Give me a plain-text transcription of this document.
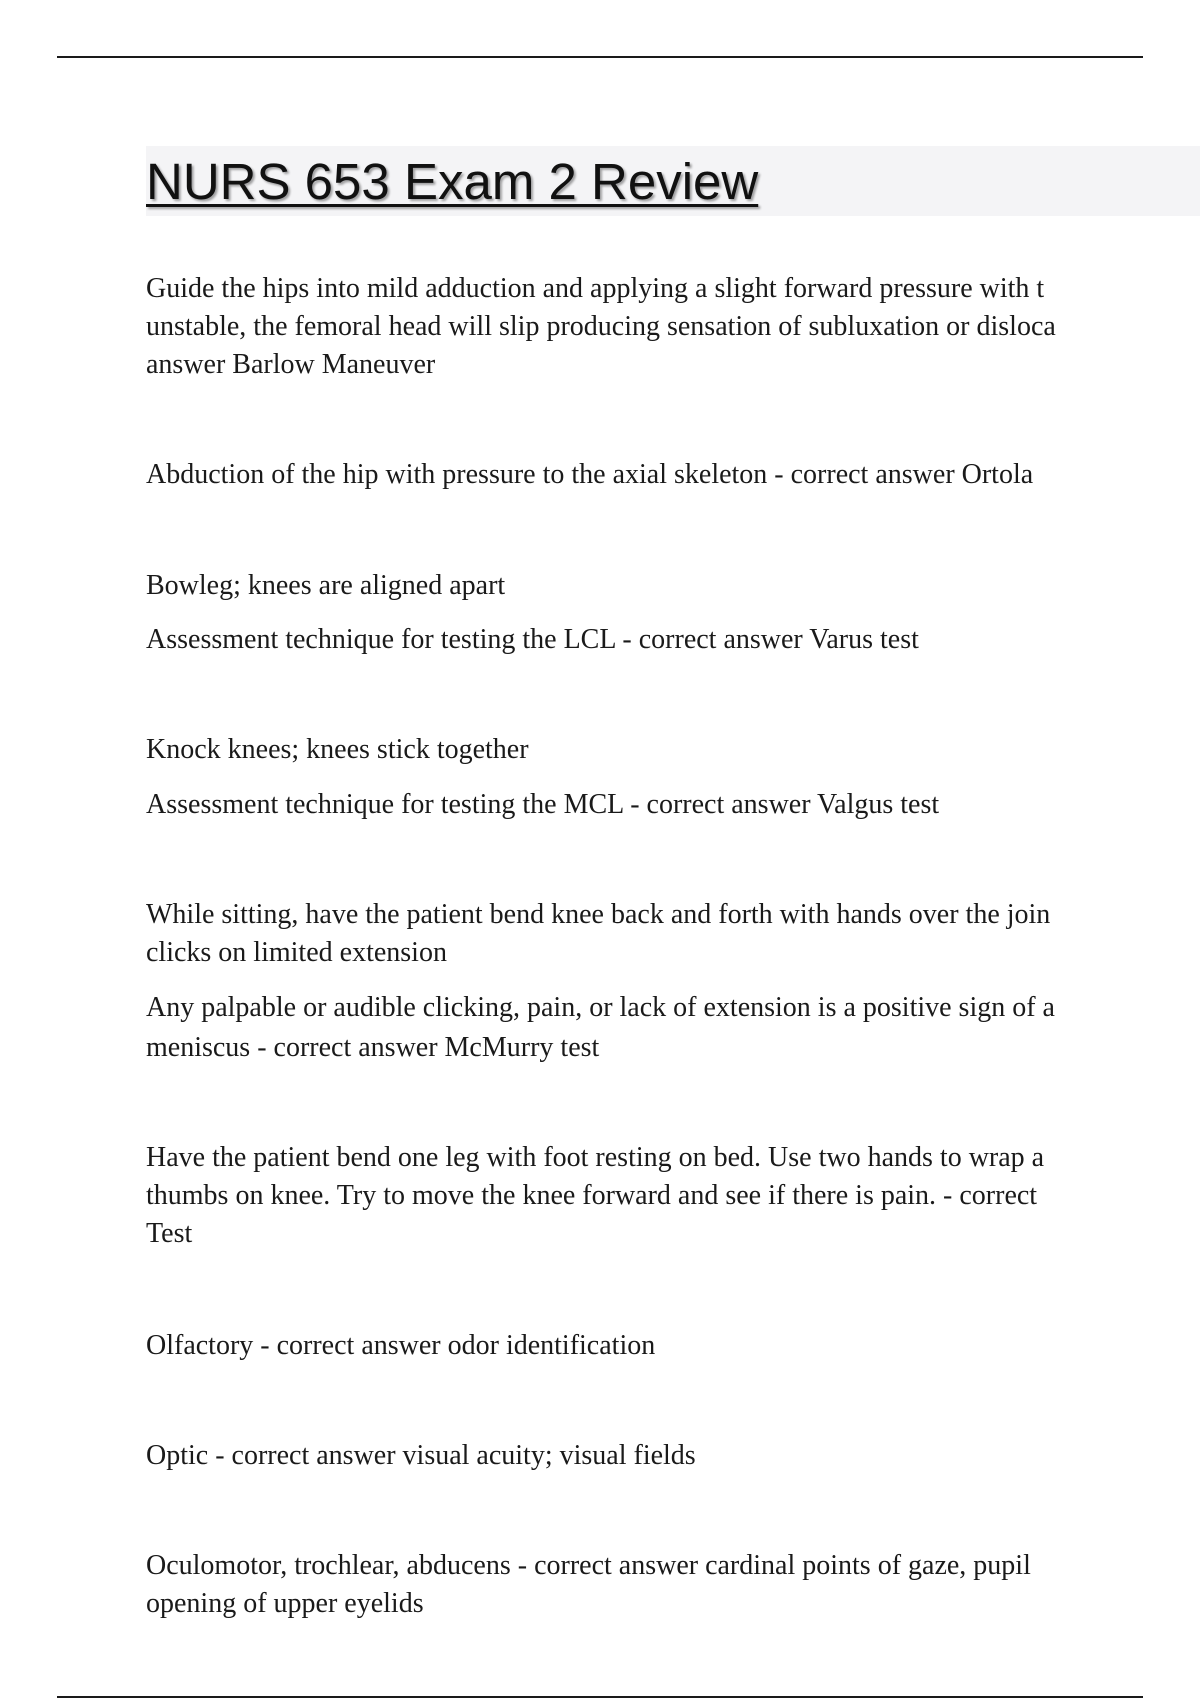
NURS 653 Exam 2 Review

Guide the hips into mild adduction and applying a slight forward pressure with t

unstable, the femoral head will slip producing sensation of subluxation or disloca

answer Barlow Maneuver

Abduction of the hip with pressure to the axial skeleton - correct answer Ortola

Bowleg; knees are aligned apart

Assessment technique for testing the LCL - correct answer Varus test

Knock knees; knees stick together

Assessment technique for testing the MCL - correct answer Valgus test

While sitting, have the patient bend knee back and forth with hands over the join

clicks on limited extension

Any palpable or audible clicking, pain, or lack of extension is a positive sign of a

meniscus - correct answer McMurry test

Have the patient bend one leg with foot resting on bed. Use two hands to wrap a

thumbs on knee. Try to move the knee forward and see if there is pain. - correct

Test

Olfactory - correct answer odor identification

Optic - correct answer visual acuity; visual fields

Oculomotor, trochlear, abducens - correct answer cardinal points of gaze, pupil

opening of upper eyelids
